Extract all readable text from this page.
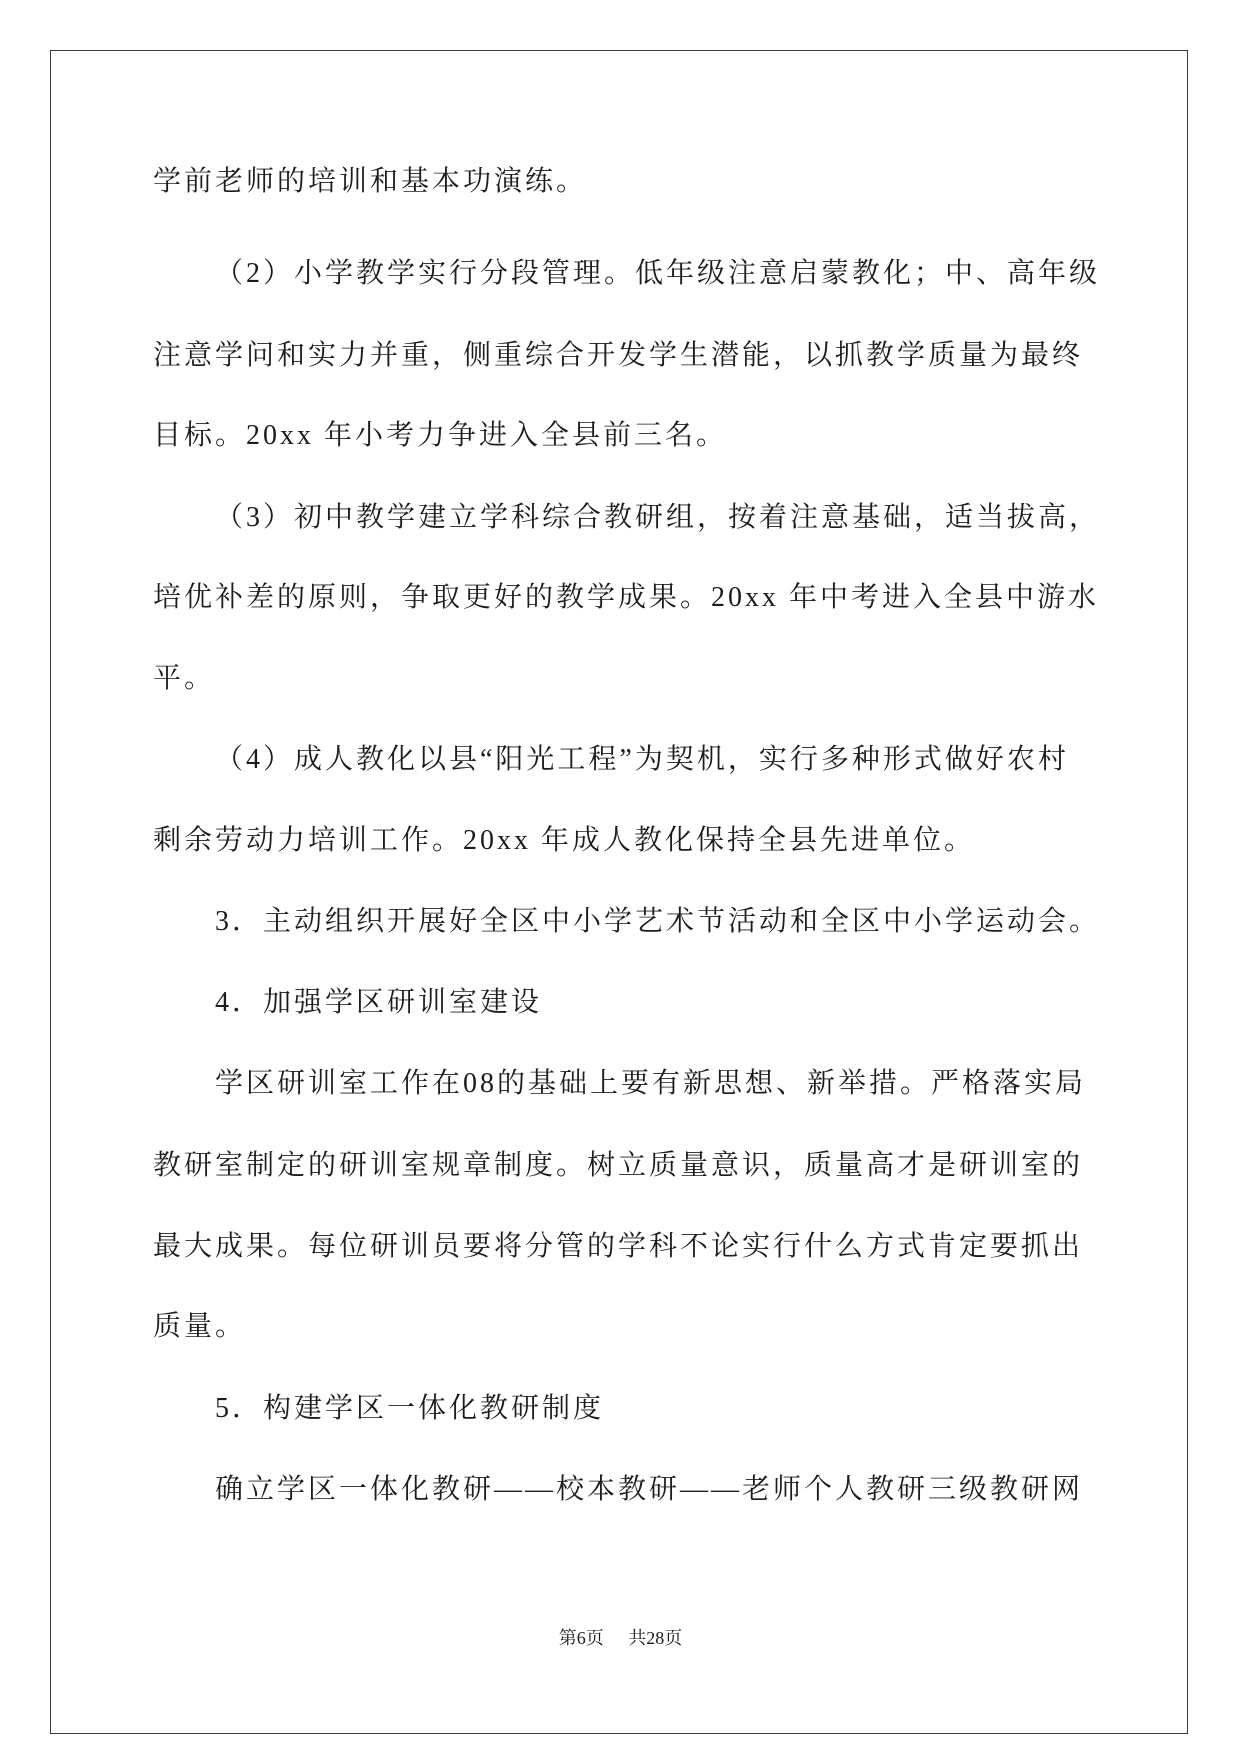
学前老师的培训和基本功演练。
（2）小学教学实行分段管理。低年级注意启蒙教化；中、高年级
注意学问和实力并重，侧重综合开发学生潜能，以抓教学质量为最终
目标。20xx 年小考力争进入全县前三名。
（3）初中教学建立学科综合教研组，按着注意基础，适当拔高，
培优补差的原则，争取更好的教学成果。20xx 年中考进入全县中游水
平。
（4）成人教化以县“阳光工程”为契机，实行多种形式做好农村
剩余劳动力培训工作。20xx 年成人教化保持全县先进单位。
3．主动组织开展好全区中小学艺术节活动和全区中小学运动会。
4．加强学区研训室建设
学区研训室工作在08的基础上要有新思想、新举措。严格落实局
教研室制定的研训室规章制度。树立质量意识，质量高才是研训室的
最大成果。每位研训员要将分管的学科不论实行什么方式肯定要抓出
质量。
5．构建学区一体化教研制度
确立学区一体化教研——校本教研——老师个人教研三级教研网
第6页 共28页
